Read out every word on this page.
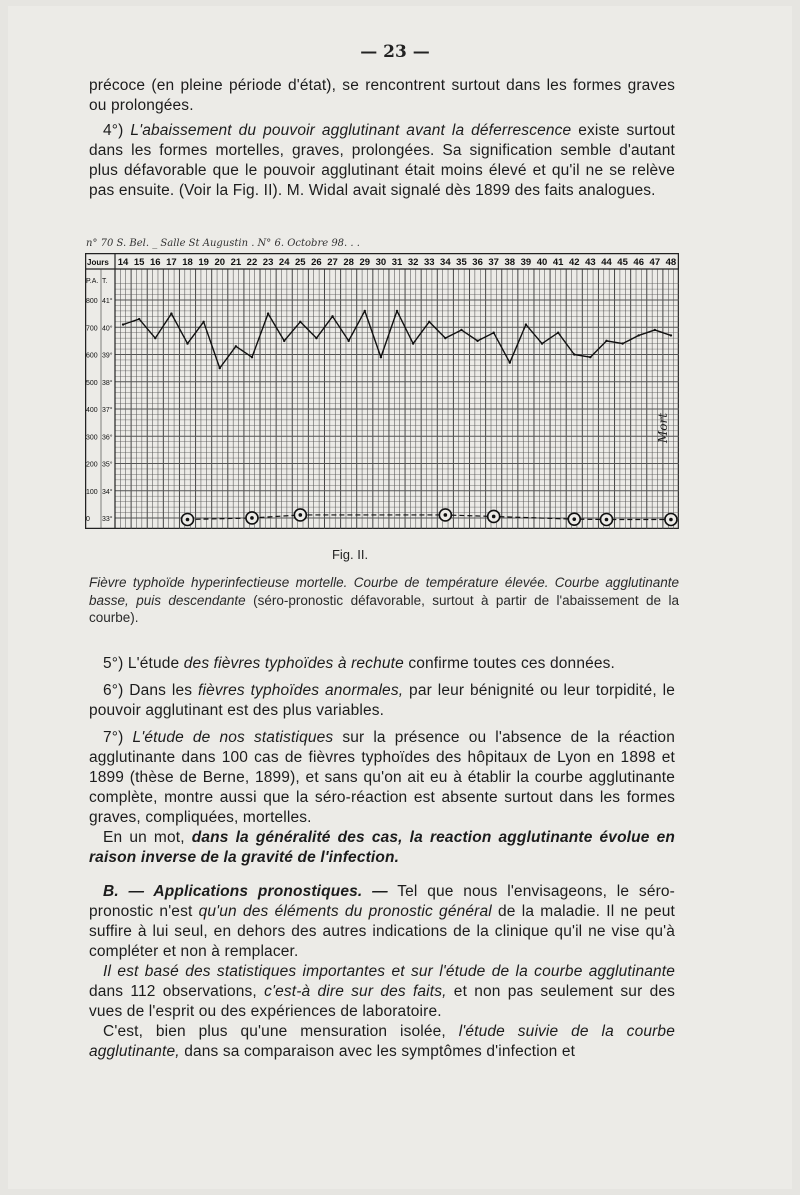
— 23 —

précoce (en pleine période d'état), se rencontrent surtout dans les formes graves ou prolongées.

4°) L'abaissement du pouvoir agglutinant avant la déferrescence existe surtout dans les formes mortelles, graves, prolongées. Sa signification semble d'autant plus défavorable que le pouvoir agglutinant était moins élevé et qu'il ne se relève pas ensuite. (Voir la Fig. II). M. Widal avait signalé dès 1899 des faits analogues.

n° 70 S. Bel. _ Salle St Augustin . N° 6. Octobre 98. . .
14 15 16 17 18 19 20 21 22 23 24 25 26 27 28 29 30 31 32 33 34 35 36 37 38 39 40 41 42 43 44 45 46 47 48
Jours
P.A. T.
800 41°
700 40°
600 39°
500 38°
400 37°
300 36°
200 35°
100 34°
0 33°
Mort
Fig. II.
Fièvre typhoïde hyperinfectieuse mortelle. Courbe de température élevée. Courbe agglutinante basse, puis descendante (séro-pronostic défavorable, surtout à partir de l'abaissement de la courbe).

5°) L'étude des fièvres typhoïdes à rechute confirme toutes ces données.

6°) Dans les fièvres typhoïdes anormales, par leur bénignité ou leur torpidité, le pouvoir agglutinant est des plus variables.

7°) L'étude de nos statistiques sur la présence ou l'absence de la réaction agglutinante dans 100 cas de fièvres typhoïdes des hôpitaux de Lyon en 1898 et 1899 (thèse de Berne, 1899), et sans qu'on ait eu à établir la courbe agglutinante complète, montre aussi que la séro-réaction est absente surtout dans les formes graves, compliquées, mortelles.

En un mot, dans la généralité des cas, la reaction agglutinante évolue en raison inverse de la gravité de l'infection.

B. — Applications pronostiques. — Tel que nous l'envisageons, le séro-pronostic n'est qu'un des éléments du pronostic général de la maladie. Il ne peut suffire à lui seul, en dehors des autres indications de la clinique qu'il ne vise qu'à compléter et non à remplacer.

Il est basé des statistiques importantes et sur l'étude de la courbe agglutinante dans 112 observations, c'est-à dire sur des faits, et non pas seulement sur des vues de l'esprit ou des expériences de laboratoire.

C'est, bien plus qu'une mensuration isolée, l'étude suivie de la courbe agglutinante, dans sa comparaison avec les symptômes d'infection et
